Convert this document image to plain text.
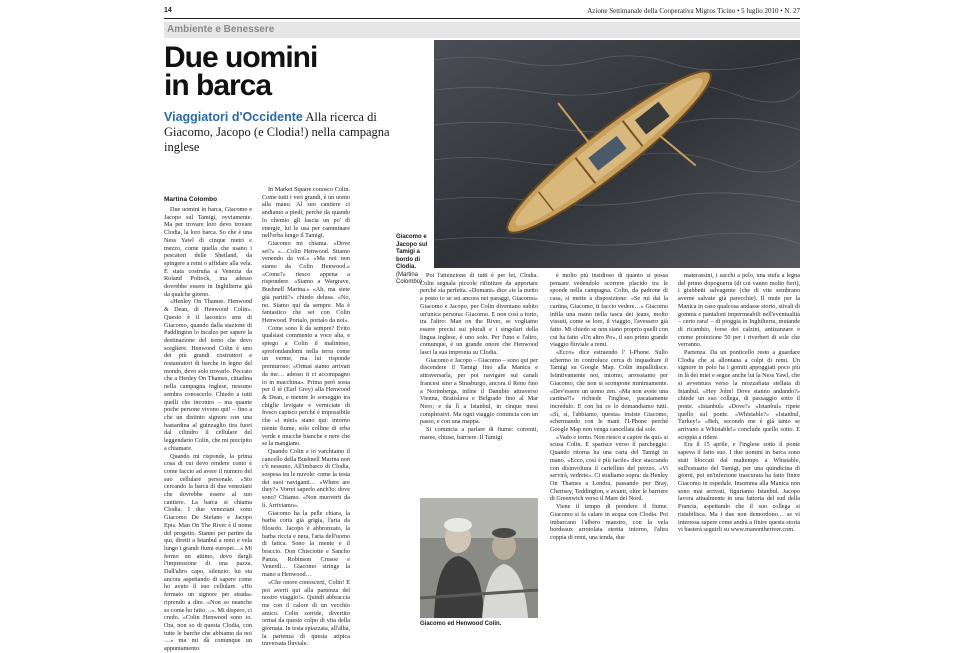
14	Azione Settimanale della Cooperativa Migros Ticino • 5 luglio 2010 • N. 27
Ambiente e Benessere
Due uomini
in barca
Viaggiatori d'Occidente Alla ricerca di Giacomo, Jacopo (e Clodia!) nella campagna inglese
Giacomo e Jacopo sul Tamigi a bordo di Clodia.
(Martina Colombo)
Martina Colombo

Due uomini in barca, Giacomo e Jacopo sul Tamigi, ovviamente. Ma per trovare loro devo trovare Clodia, la loro barca. So che è una Ness Yawl di cinque metri e mezzo, come quella che usano i pescatori delle Shetland, da spingere a remi o affidare alla vela. È stata costruita a Venezia da Roland Poltock, ma adesso dovrebbe essere in Inghilterra già da qualche giorno.

«Henley On Thames. Henwood & Dean, di Henwood Colin». Questo è il laconico sms di Giacomo, quando dalla stazione di Paddington lo incalzo per sapere la destinazione del treno che devo scegliere. Henwood Colin è uno dei più grandi costruttori e restauratori di barche in legno del mondo, devo solo trovarlo. Peccato che a Henley On Thames, cittadina nella campagna inglese, nessuno sembra conoscerlo. Chiedo a tutti quelli che incontro – ma quante poche persone vivono qui! – fino a che un distinto signore con una bastardina al guinzaglio tira fuori dal cilindro il cellulare del leggendario Colin, che mi precipito a chiamare.

Quando mi risponde, la prima cosa di cui devo rendere conto è come faccio ad avere il numero del suo cellulare personale. «Sto cercando la barca di due veneziani che dovrebbe essere al suo cantiere. La barca si chiama Clodia. I due veneziani sono Giacomo De Stefano e Jacopo Epis. Man On The River è il nome del progetto. Stanno per partire da qui, diretti a Istanbul a remi e vela lungo i grandi fiumi europei…» Mi fermo un attimo, devo dargli l'impressione di una pazza. Dall'altro capo, silenzio: lui sta ancora aspettando di sapere come ho avuto il suo cellulare. «Ho fermato un signore per strada» riprendo a dire. «Non so neanche so come ho fatto…». Mi dispero, ci credo. «Colin Henwood sono io. Ora, non so di questa Clodia, con tutte le barche che abbiamo da noi …» ma mi dà comunque un appuntamento.

In Market Square conosco Colin. Come tutti i veri grandi, è un uomo alla mano. Al suo cantiere ci andiamo a piedi, perché da quando lo chemio gli lascia un po' di energie, lui le usa per camminare nell'erba lungo il Tamigi.

Giacomo mi chiama. «Dove sei?» «…Colin Henwood. Stiamo venendo da voi.» «Ma noi non siamo da Colin Henwood.» «Come?» riesco appena a rispondere. «Siamo a Wargrave, Bushnell Marina.» «Ah, ma siete già partiti?» chiedo delusa. «No, no. Siamo qui da sempre. Ma è fantastico che sei con Colin Henwood. Portalo, portalo da noi».

Come sono lì da sempre? Evito qualsiasi commento a voce alta, e spiego a Colin il malinteso, sprofondandomi nella terra come un verme, ma lui risponde premuroso: «Ormai siamo arrivati da me… adesso ti ci accompagno io in macchina». Prima però sosta per il tè (Earl Grey) alla Henwood & Dean, e mentre lo sorseggio tra chiglie levigate e verniciate di fresco capisco perché è impossibile che «i miei» siano qui: intorno niente fiume, solo colline di erba verde e mucche bianche e nere che se la mangiano.

Quando Colin e io varchiamo il cancello della Bushnell Marina non c'è nessuno. All'imbarco di Clodia, sospesa tra le nuvole: come la testa dei suoi naviganti… «Where are they?» Vorrei saperlo anch'io: dove sono? Chiamo. «Non muoverti da lì. Arriviamo».

Giacomo ha la pelle chiara, la barba corta già grigia, l'aria da filosofo. Jacopo è abbronzato, la barba riccia e nera, l'aria dell'uomo di fatica. Sono la mente e il braccio. Don Chisciotte e Sancho Panza, Robinson Crusoe e Venerdì… Giacomo stringe la mano a Henwood…

«Che onore conoscerti, Colin! E poi averti qui alla partenza del nostro viaggio!». Quindi abbraccia me con il calore di un vecchio amico. Colin sorride, divertito ormai da questo colpo di vita della giornata. In testa spiazzata, all'alba, la partenza di questa atipica traversata fluviale.

Poi l'attenzione di tutti è per lei, Clodia. Colin segnala piccole rifiniture da apportare perché sia perfetta. «Domani» dice «te la metto a posto io se sei ancora nei paraggi, Giacomo» Giacomo e Jacopo, per Colin diventano subito un'unica persona: Giacomo. E non così a torto, tra l'altro: Man on the River, se vogliamo essere precisi sui plurali e i singolari della lingua inglese, è uno solo. Per l'uno e l'altro, comunque, è un grande onore che Henwood lasci la sua impronta su Clodia.

Giacomo e Jacopo – Giacomo – sono qui per discendere il Tamigi fino alla Manica e attraversarla, per poi navigare sui canali francesi sino a Strasburgo, ancora il Reno fino a Norimberga, infine il Danubio attraverso Vienna, Bratislava e Belgrado fino al Mar Nero; e da lì a Istanbul, in cinque mesi complessivi. Ma ogni viaggio comincia con un passo, e con una mappa.

Si comincia a parlare di fiume: correnti, maree, chiuse, barriere. Il Tamigi

Giacomo ed Henwood Colin.

è molto più insidioso di quanto si possa pensare vedendolo scorrere placido tra le sponde nella campagna. Colin, da padrone di casa, si mette a disposizione: «Se mi dai la cartina, Giacomo, ti faccio vedere…» Giacomo infila una mano nella tasca dei jeans, molto vissuti, come se loro, il viaggio, l'avessero già fatto. Mi chiedo se non siano proprio quelli con cui ha fatto «Un altro Po», il suo primo grande viaggio fluviale a remi.

«Ecco» dice estraendo l' I-Phone. Sullo schermo in controluce cerca di inquadrare il Tamigi su Google Map. Colin impallidisce. Istintivamente noi, intorno, arrossiamo per Giacomo, che non si scompone minimamente. «Dev'essere un uomo zen. «Ma non avete una cartina?!» richiede l'inglese, pacatamente incredulo. E con lui ce lo domandiamo tutti. «Sì, sì, l'abbiamo, questa» insiste Giacomo, schermando con le mani l'I-Phone perché Google Map non venga cancellata dal sole.

«Vado e torno. Non riesco a capire da qui» si scusa Colin. E sparisce verso il parcheggio. Quando ritorna ha una carta del Tamigi in mano. «Ecco, così è più facile» dice staccando con disinvoltura il cartellino del prezzo. «Vi servirà, vedrete». Ci studiamo sopra: da Henley On Thames a Londra, passando per Bray, Chertsey, Teddington, e avanti, oltre le barriere di Greenwich verso il Mare del Nord.

Viene il tempo di prendere il fiume. Giacomo si fa calare in acqua con Clodia. Poi imbarcano l'albero maestro, con la vela bordeaux arrotolata stretta intorno, l'altra coppia di remi, una tenda, due

materassini, i sacchi a pelo, una stufa a legna del primo dopoguerra (di cui vanno molto fieri), i giubbetti salvagente (che di vite sembrano averne salvate già parecchie). Il mute per la Manica in caso qualcosa andasse storto, stivali di gomma e pantaloni impermeabili nell'eventualità – certo rara! – di pioggia in Inghilterra, mutande di ricambio, forse dei calzini, antizanzare e creme protezione 50 per i riverberi di sole che verranno.

Partenza. Da un ponticello resto a guardare Clodia che si allontana a colpi di remi. Un signore in polo ha i gomiti appoggiati poco più in là dei miei e segue anche lui la Ness Yawl, che si avventura verso la mozzafiata stellata di Istanbul. «Hey John! Dove stanno andando?» chiede un suo collega, di passaggio sotto il ponte. «Istanbul» «Dove?» «Istanbul» ripete quello sul ponte. «Whistable?» «Istanbul, Turkey!» «Beh, secondo me è già tanto se arrivano a Whistable!» conclude quello sotto. E scoppia a ridere.

Era il 15 aprile, e l'inglese sotto il ponte sapeva il fatto suo. I due uomini in barca sono stati bloccati dal maltempo a Whistable, sull'estuario del Tamigi, per una quindicina di giorni, poi un'infezione trascurata ha fatto finire Giacomo in ospedale. Insomma alla Manica non sono mai arrivati, figuriamo Istanbul. Jacopo lavora attualmente in una fattoria del sud della Francia, aspettando che il suo collega si ristabilisca. Ma i due non demordono… se vi interessa sapere come andrà a finire questa storia vi basterà seguirli su www.manontheriver.com.
